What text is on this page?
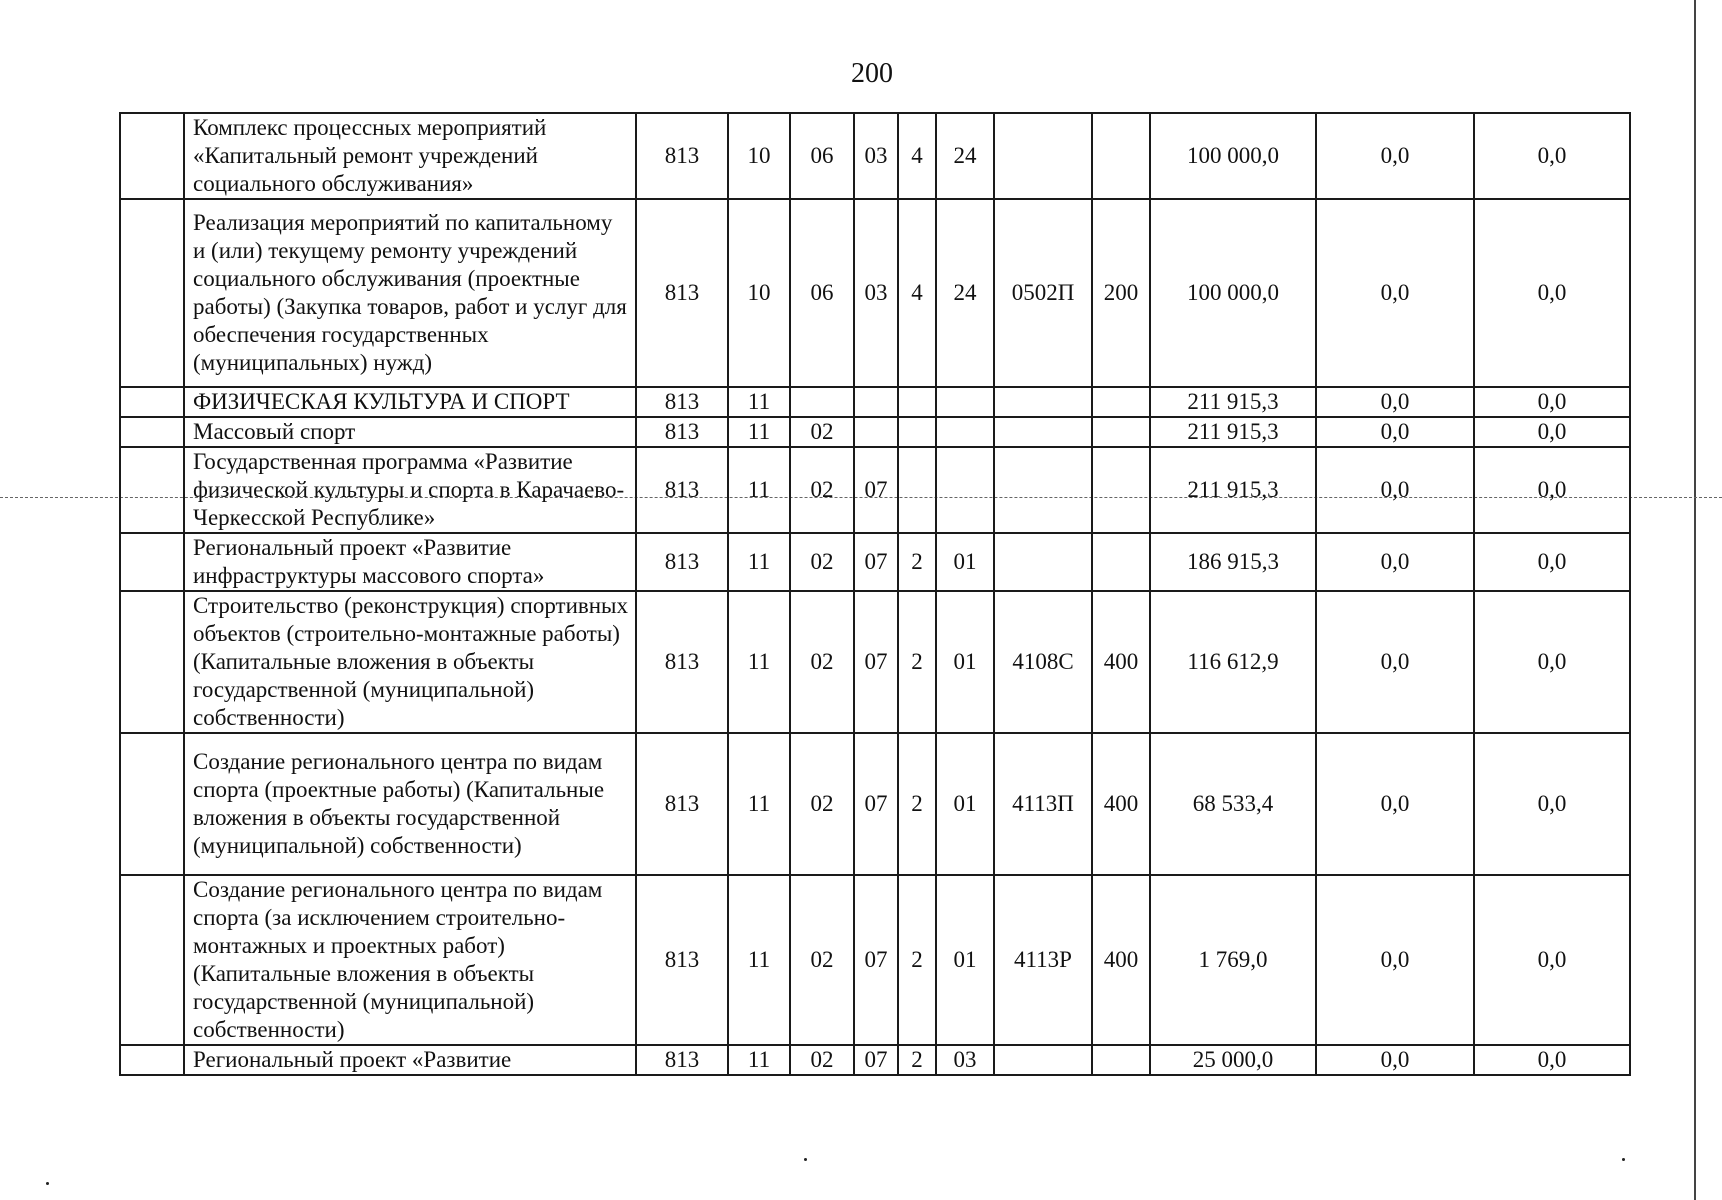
200
	Комплекс процессных мероприятий «Капитальный ремонт учреждений социального обслуживания»	813	10	06	03	4	24			100 000,0	0,0	0,0
	Реализация мероприятий по капитальному и (или) текущему ремонту учреждений социального обслуживания (проектные работы) (Закупка товаров, работ и услуг для обеспечения государственных (муниципальных) нужд)	813	10	06	03	4	24	0502П	200	100 000,0	0,0	0,0
	ФИЗИЧЕСКАЯ КУЛЬТУРА И СПОРТ	813	11							211 915,3	0,0	0,0
	Массовый спорт	813	11	02						211 915,3	0,0	0,0
	Государственная программа «Развитие физической культуры и спорта в Карачаево-Черкесской Республике»	813	11	02	07					211 915,3	0,0	0,0
	Региональный проект «Развитие инфраструктуры массового спорта»	813	11	02	07	2	01			186 915,3	0,0	0,0
	Строительство (реконструкция) спортивных объектов (строительно-монтажные работы) (Капитальные вложения в объекты государственной (муниципальной) собственности)	813	11	02	07	2	01	4108С	400	116 612,9	0,0	0,0
	Создание регионального центра по видам спорта (проектные работы) (Капитальные вложения в объекты государственной (муниципальной) собственности)	813	11	02	07	2	01	4113П	400	68 533,4	0,0	0,0
	Создание регионального центра по видам спорта (за исключением строительно-монтажных и проектных работ) (Капитальные вложения в объекты государственной (муниципальной) собственности)	813	11	02	07	2	01	4113Р	400	1 769,0	0,0	0,0
	Региональный проект «Развитие	813	11	02	07	2	03			25 000,0	0,0	0,0
